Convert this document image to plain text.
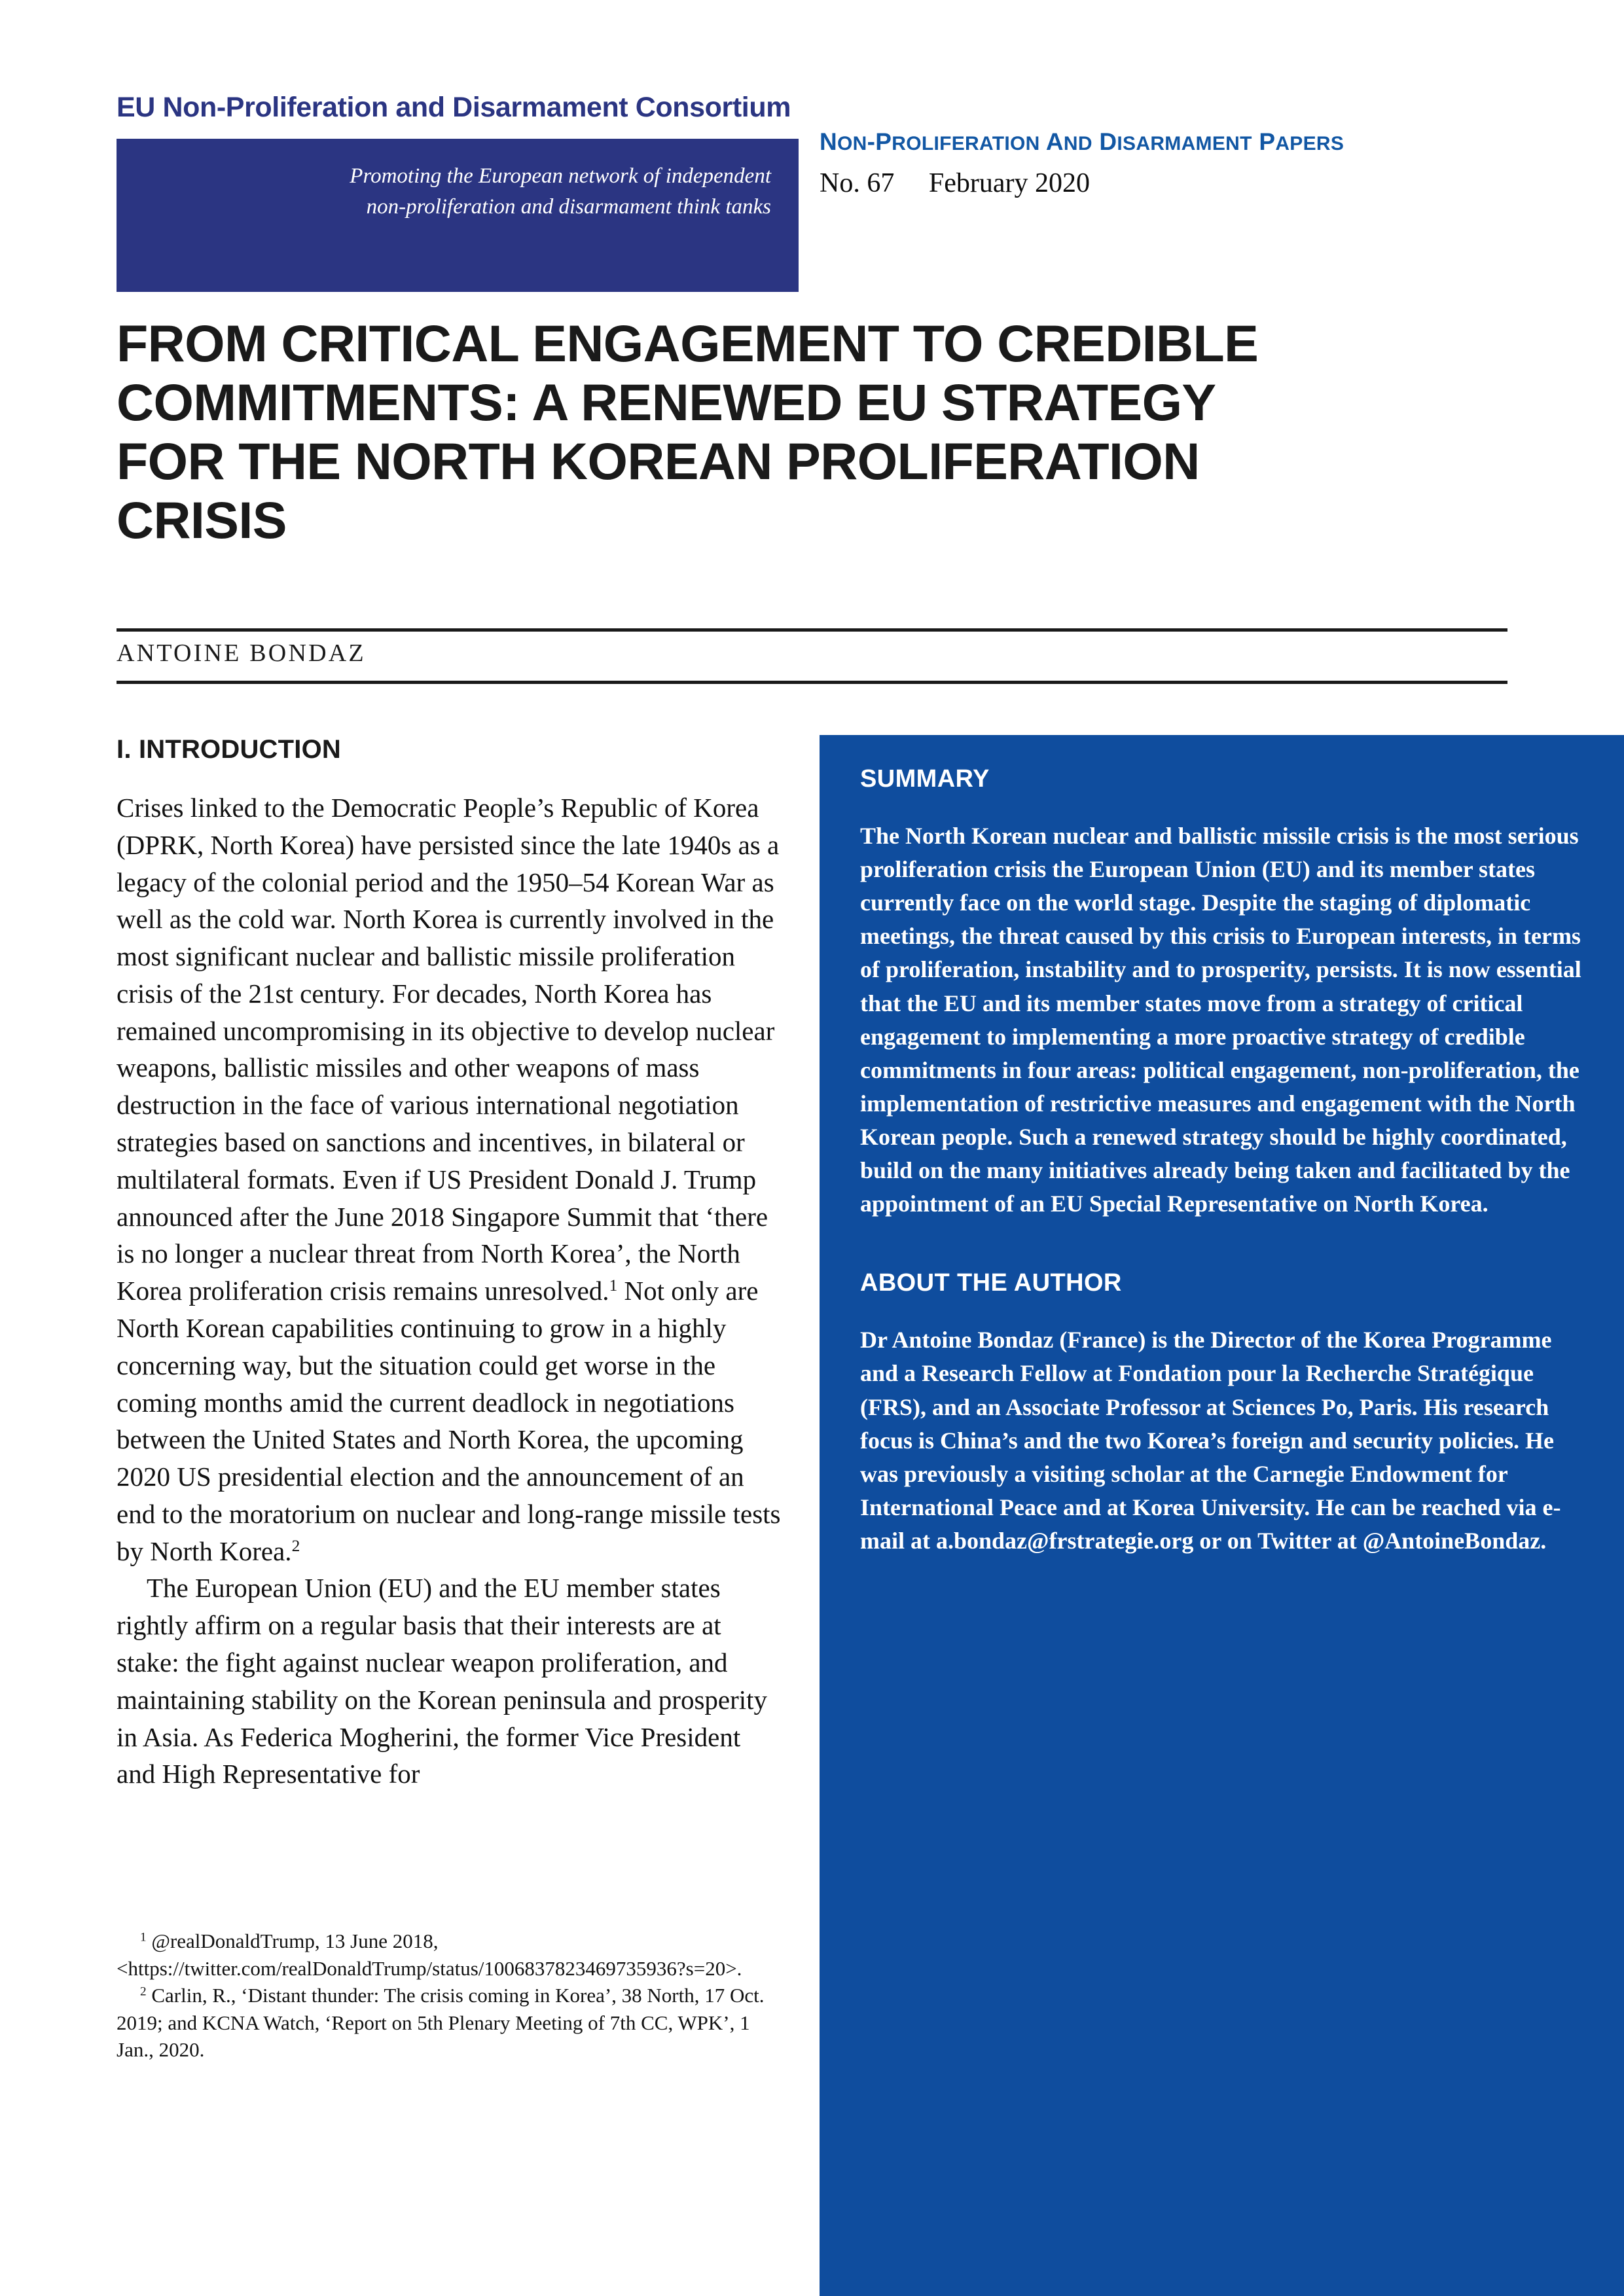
EU Non-Proliferation and Disarmament Consortium
Promoting the European network of independent
non-proliferation and disarmament think tanks
NON-PROLIFERATION AND DISARMAMENT PAPERS
No. 67 February 2020
FROM CRITICAL ENGAGEMENT TO CREDIBLE
COMMITMENTS: A RENEWED EU STRATEGY
FOR THE NORTH KOREAN PROLIFERATION
CRISIS
ANTOINE BONDAZ
I. INTRODUCTION

Crises linked to the Democratic People’s Republic of Korea (DPRK, North Korea) have persisted since the late 1940s as a legacy of the colonial period and the 1950–54 Korean War as well as the cold war. North Korea is currently involved in the most significant nuclear and ballistic missile proliferation crisis of the 21st century. For decades, North Korea has remained uncompromising in its objective to develop nuclear weapons, ballistic missiles and other weapons of mass destruction in the face of various international negotiation strategies based on sanctions and incentives, in bilateral or multilateral formats. Even if US President Donald J. Trump announced after the June 2018 Singapore Summit that ‘there is no longer a nuclear threat from North Korea’, the North Korea proliferation crisis remains unresolved.$^1$ Not only are North Korean capabilities continuing to grow in a highly concerning way, but the situation could get worse in the coming months amid the current deadlock in negotiations between the United States and North Korea, the upcoming 2020 US presidential election and the announcement of an end to the moratorium on nuclear and long-range missile tests by North Korea.$^2$

The European Union (EU) and the EU member states rightly affirm on a regular basis that their interests are at stake: the fight against nuclear weapon proliferation, and maintaining stability on the Korean peninsula and prosperity in Asia. As Federica Mogherini, the former Vice President and High Representative for

$^1$ @realDonaldTrump, 13 June 2018, <https://twitter.com/realDonaldTrump/status/1006837823469735936?s=20>.

$^2$ Carlin, R., ‘Distant thunder: The crisis coming in Korea’, 38 North, 17 Oct. 2019; and KCNA Watch, ‘Report on 5th Plenary Meeting of 7th CC, WPK’, 1 Jan., 2020.

SUMMARY

The North Korean nuclear and ballistic missile crisis is the most serious proliferation crisis the European Union (EU) and its member states currently face on the world stage. Despite the staging of diplomatic meetings, the threat caused by this crisis to European interests, in terms of proliferation, instability and to prosperity, persists. It is now essential that the EU and its member states move from a strategy of critical engagement to implementing a more proactive strategy of credible commitments in four areas: political engagement, non-proliferation, the implementation of restrictive measures and engagement with the North Korean people. Such a renewed strategy should be highly coordinated, build on the many initiatives already being taken and facilitated by the appointment of an EU Special Representative on North Korea.

ABOUT THE AUTHOR

Dr Antoine Bondaz (France) is the Director of the Korea Programme and a Research Fellow at Fondation pour la Recherche Stratégique (FRS), and an Associate Professor at Sciences Po, Paris. His research focus is China’s and the two Korea’s foreign and security policies. He was previously a visiting scholar at the Carnegie Endowment for International Peace and at Korea University. He can be reached via e-mail at a.bondaz@frstrategie.org or on Twitter at @AntoineBondaz.
